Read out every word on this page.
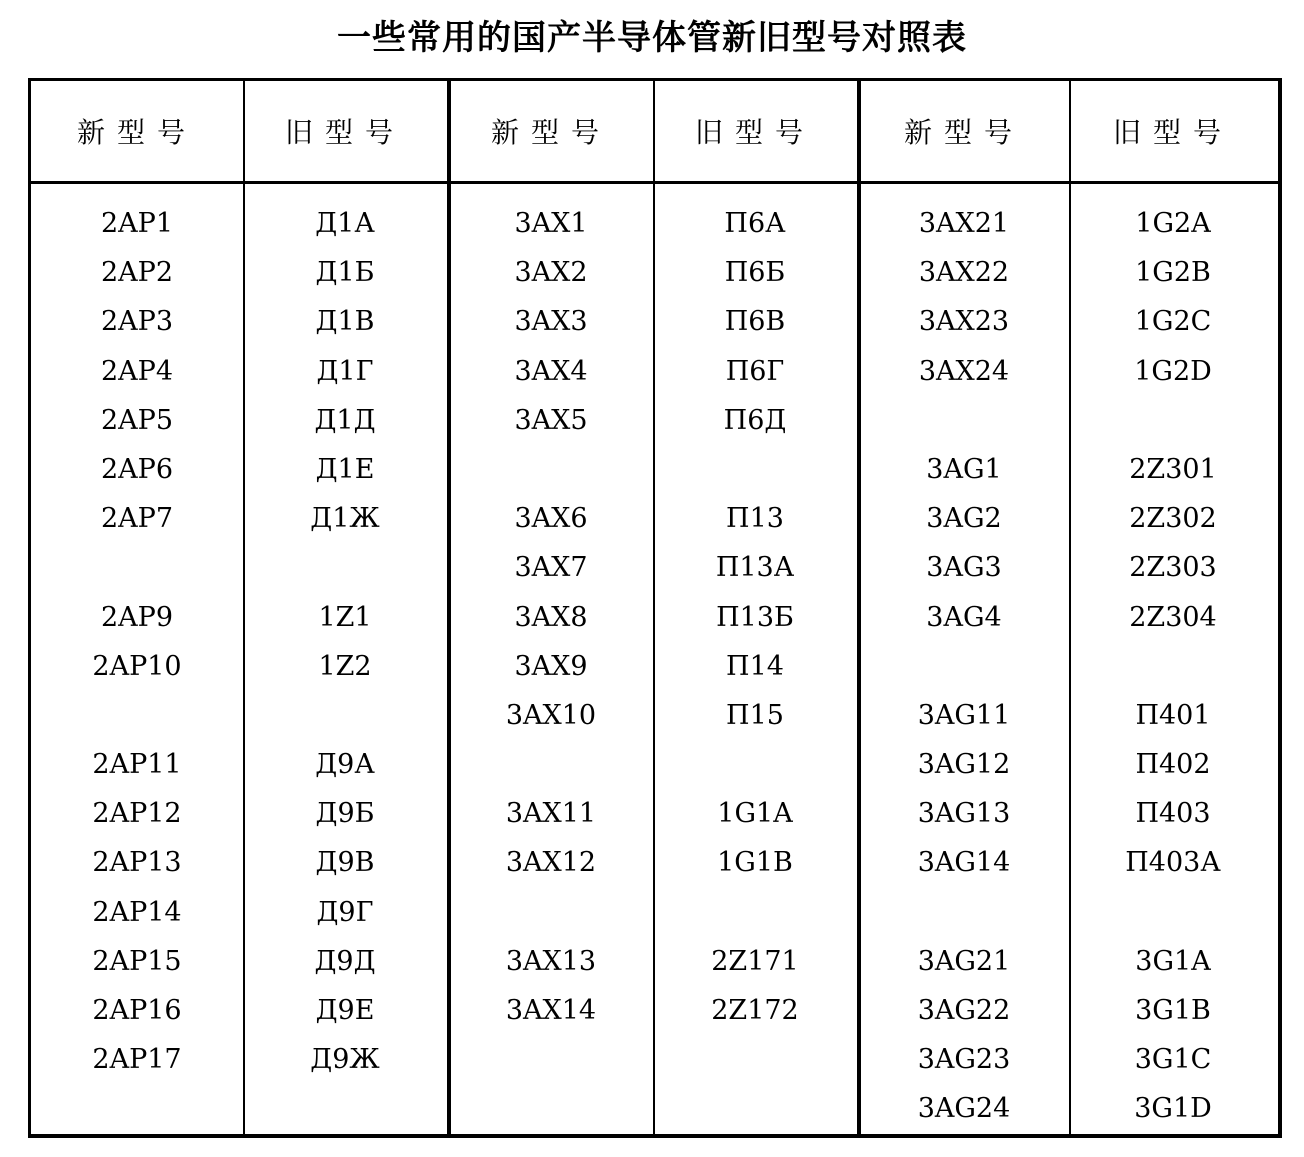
一些常用的国产半导体管新旧型号对照表
新型号
2AP1
2AP2
2AP3
2AP4
2AP5
2AP6
2AP7
2AP9
2AP10
2AP11
2AP12
2AP13
2AP14
2AP15
2AP16
2AP17
旧型号
Д1А
Д1Б
Д1В
Д1Г
Д1Д
Д1Е
Д1Ж
1Z1
1Z2
Д9А
Д9Б
Д9В
Д9Г
Д9Д
Д9Е
Д9Ж
新型号
3AX1
3AX2
3AX3
3AX4
3AX5
3AX6
3AX7
3AX8
3AX9
3AX10
3AX11
3AX12
3AX13
3AX14
旧型号
П6А
П6Б
П6В
П6Г
П6Д
П13
П13А
П13Б
П14
П15
1G1A
1G1B
2Z171
2Z172
新型号
3AX21
3AX22
3AX23
3AX24
3AG1
3AG2
3AG3
3AG4
3AG11
3AG12
3AG13
3AG14
3AG21
3AG22
3AG23
3AG24
旧型号
1G2A
1G2B
1G2C
1G2D
2Z301
2Z302
2Z303
2Z304
П401
П402
П403
П403А
3G1A
3G1B
3G1C
3G1D
